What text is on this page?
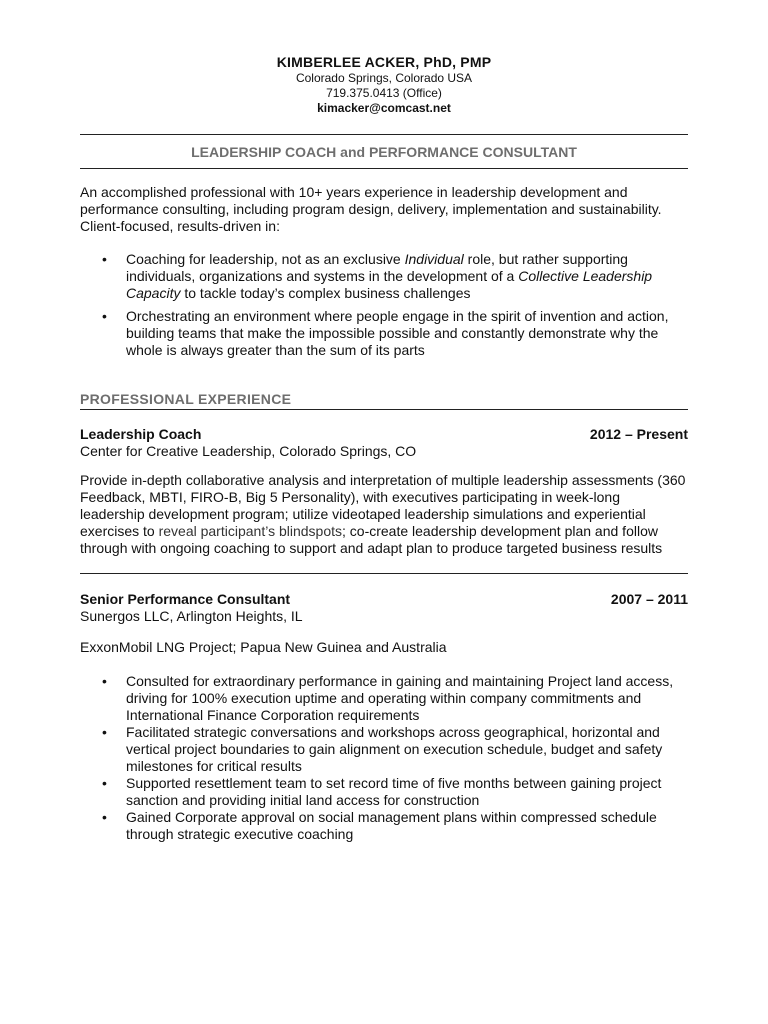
KIMBERLEE ACKER, PhD, PMP
Colorado Springs, Colorado USA
719.375.0413 (Office)
kimacker@comcast.net
LEADERSHIP COACH and PERFORMANCE CONSULTANT

An accomplished professional with 10+ years experience in leadership development and performance consulting, including program design, delivery, implementation and sustainability. Client-focused, results-driven in:

• Coaching for leadership, not as an exclusive Individual role, but rather supporting individuals, organizations and systems in the development of a Collective Leadership Capacity to tackle today’s complex business challenges
• Orchestrating an environment where people engage in the spirit of invention and action, building teams that make the impossible possible and constantly demonstrate why the whole is always greater than the sum of its parts
PROFESSIONAL EXPERIENCE
Leadership Coach	2012 – Present
Center for Creative Leadership, Colorado Springs, CO

Provide in-depth collaborative analysis and interpretation of multiple leadership assessments (360 Feedback, MBTI, FIRO-B, Big 5 Personality), with executives participating in week-long leadership development program; utilize videotaped leadership simulations and experiential exercises to reveal participant’s blindspots; co-create leadership development plan and follow through with ongoing coaching to support and adapt plan to produce targeted business results

Senior Performance Consultant	2007 – 2011
Sunergos LLC, Arlington Heights, IL
ExxonMobil LNG Project; Papua New Guinea and Australia
• Consulted for extraordinary performance in gaining and maintaining Project land access, driving for 100% execution uptime and operating within company commitments and International Finance Corporation requirements
• Facilitated strategic conversations and workshops across geographical, horizontal and vertical project boundaries to gain alignment on execution schedule, budget and safety milestones for critical results
• Supported resettlement team to set record time of five months between gaining project sanction and providing initial land access for construction
• Gained Corporate approval on social management plans within compressed schedule through strategic executive coaching
